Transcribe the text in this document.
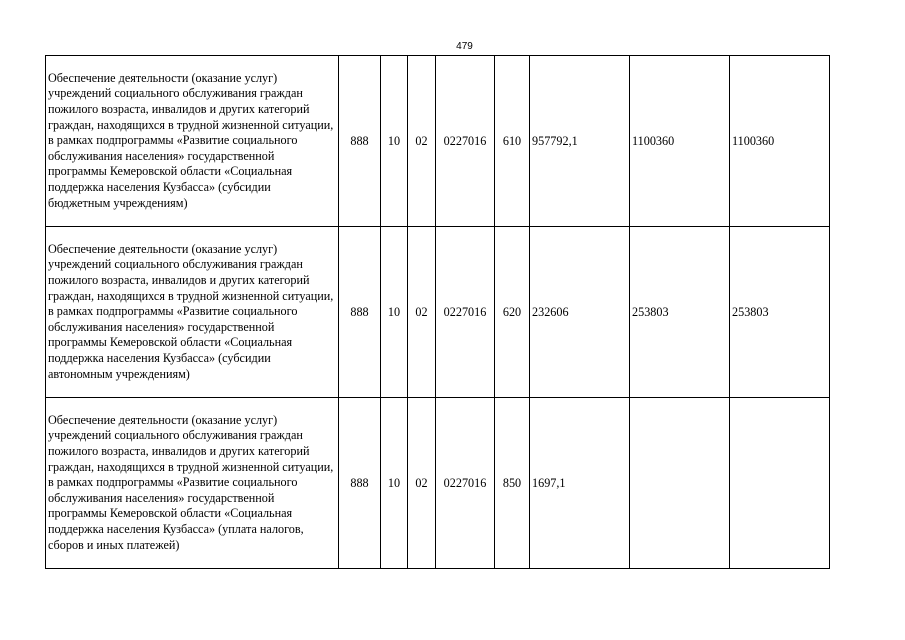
479
Обеспечение деятельности (оказание услуг) учреждений социального обслуживания граждан пожилого возраста, инвалидов и других категорий граждан, находящихся в трудной жизненной ситуации, в рамках подпрограммы «Развитие социального обслуживания населения» государственной программы Кемеровской области «Социальная поддержка населения Кузбасса» (субсидии бюджетным учреждениям)	888	10	02	0227016	610	957792,1	1100360	1100360
Обеспечение деятельности (оказание услуг) учреждений социального обслуживания граждан пожилого возраста, инвалидов и других категорий граждан, находящихся в трудной жизненной ситуации, в рамках подпрограммы «Развитие социального обслуживания населения» государственной программы Кемеровской области «Социальная поддержка населения Кузбасса» (субсидии автономным учреждениям)	888	10	02	0227016	620	232606	253803	253803
Обеспечение деятельности (оказание услуг) учреждений социального обслуживания граждан пожилого возраста, инвалидов и других категорий граждан, находящихся в трудной жизненной ситуации, в рамках подпрограммы «Развитие социального обслуживания населения» государственной программы Кемеровской области «Социальная поддержка населения Кузбасса» (уплата налогов, сборов и иных платежей)	888	10	02	0227016	850	1697,1		
